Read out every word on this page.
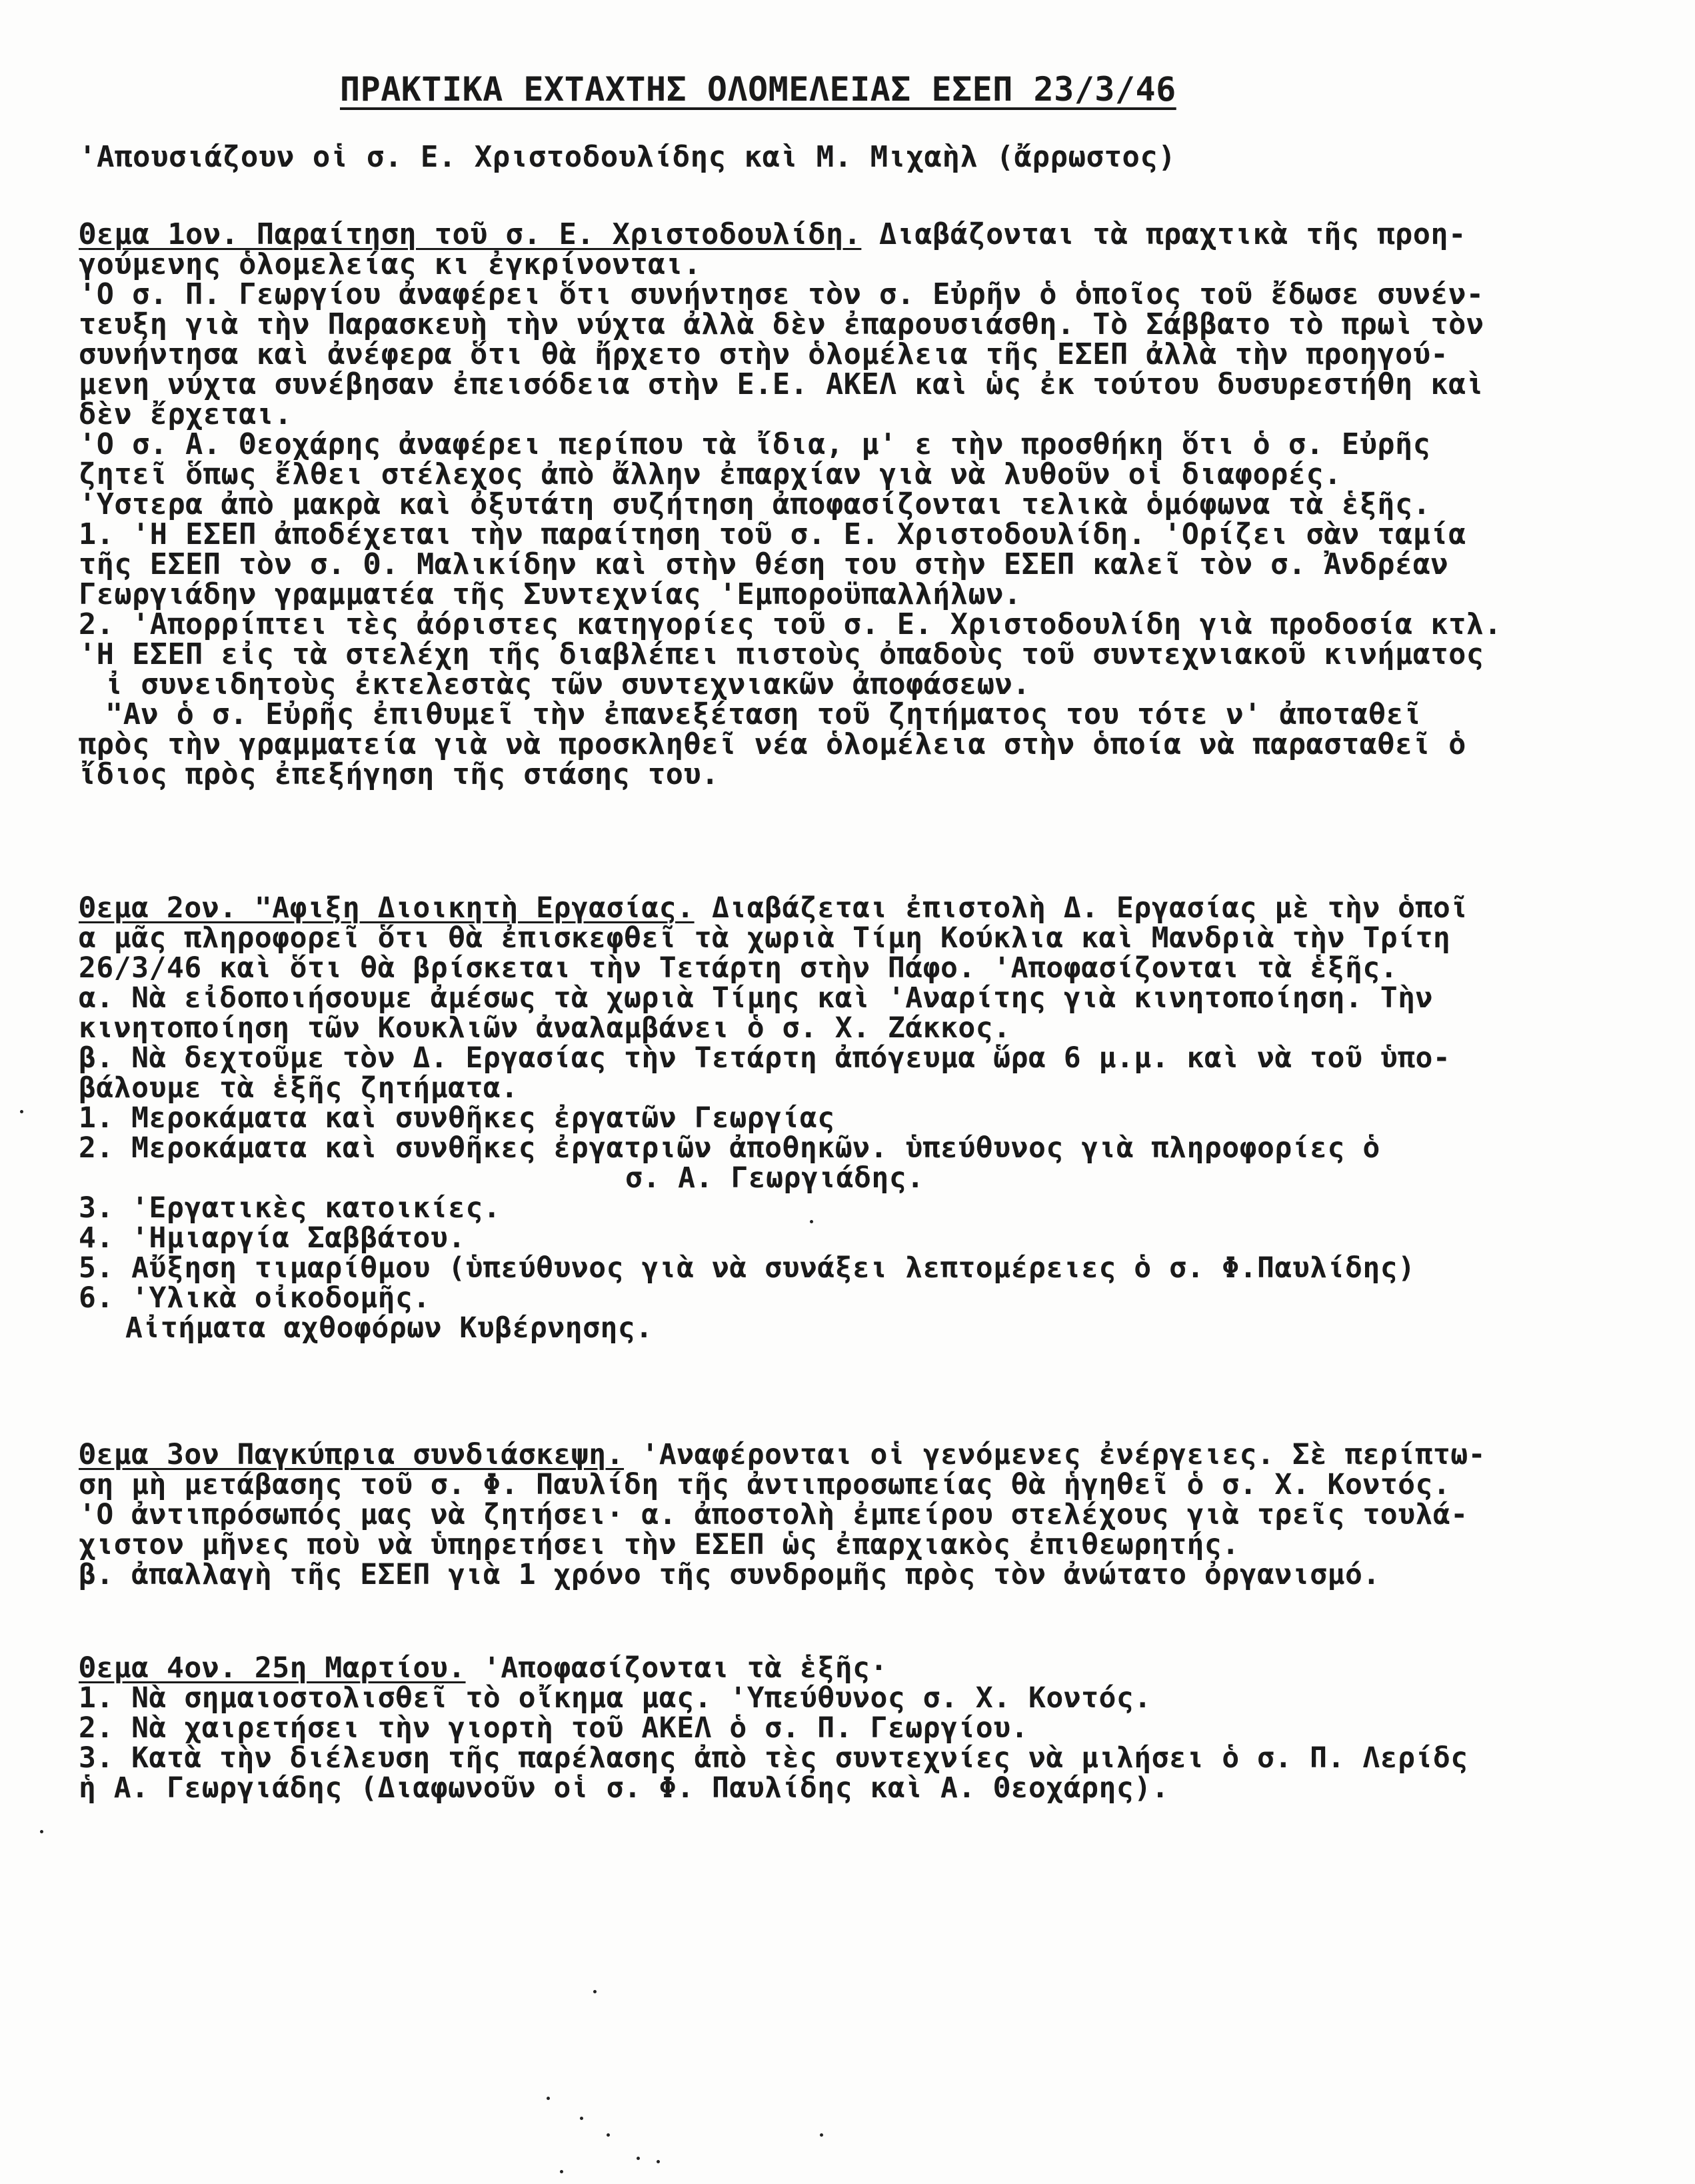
ΠΡΑΚΤΙΚΑ ΕΧΤΑΧΤΗΣ ΟΛΟΜΕΛΕΙΑΣ ΕΣΕΠ 23/3/46
'Απουσιάζουν οἱ σ. Ε. Χριστοδουλίδης καὶ Μ. Μιχαὴλ (ἄρρωστος)
Θεμα 1ον. Παραίτηση τοῦ σ. Ε. Χριστοδουλίδη. Διαβάζονται τὰ πραχτικὰ τῆς προη-
γούμενης ὁλομελείας κι ἐγκρίνονται.
'Ο σ. Π. Γεωργίου ἀναφέρει ὅτι συνήντησε τὸν σ. Εὐρῆν ὁ ὁποῖος τοῦ ἔδωσε συνέν-
τευξη γιὰ τὴν Παρασκευὴ τὴν νύχτα ἀλλὰ δὲν ἐπαρουσιάσθη. Τὸ Σάββατο τὸ πρωὶ τὸν
συνήντησα καὶ ἀνέφερα ὅτι θὰ ἤρχετο στὴν ὁλομέλεια τῆς ΕΣΕΠ ἀλλὰ τὴν προηγού-
μενη νύχτα συνέβησαν ἐπεισόδεια στὴν Ε.Ε. ΑΚΕΛ καὶ ὡς ἐκ τούτου δυσυρεστήθη καὶ
δὲν ἔρχεται.
'Ο σ. Α. Θεοχάρης ἀναφέρει περίπου τὰ ἴδια, μ' ε τὴν προσθήκη ὅτι ὁ σ. Εὐρῆς
ζητεῖ ὅπως ἔλθει στέλεχος ἀπὸ ἄλλην ἐπαρχίαν γιὰ νὰ λυθοῦν οἱ διαφορές.
'Υστερα ἀπὸ μακρὰ καὶ ὀξυτάτη συζήτηση ἀποφασίζονται τελικὰ ὁμόφωνα τὰ ἑξῆς.
1. 'Η ΕΣΕΠ ἀποδέχεται τὴν παραίτηση τοῦ σ. Ε. Χριστοδουλίδη. 'Ορίζει σὰν ταμία
τῆς ΕΣΕΠ τὸν σ. Θ. Μαλικίδην καὶ στὴν θέση του στὴν ΕΣΕΠ καλεῖ τὸν σ. Ἀνδρέαν
Γεωργιάδην γραμματέα τῆς Συντεχνίας 'Εμποροϋπαλλήλων.
2. 'Απορρίπτει τὲς ἀόριστες κατηγορίες τοῦ σ. Ε. Χριστοδουλίδη γιὰ προδοσία κτλ.
'Η ΕΣΕΠ εἰς τὰ στελέχη τῆς διαβλέπει πιστοὺς ὀπαδοὺς τοῦ συντεχνιακοῦ κινήματος
ἰ συνειδητοὺς ἐκτελεστὰς τῶν συντεχνιακῶν ἀποφάσεων.
"Αν ὁ σ. Εὐρῆς ἐπιθυμεῖ τὴν ἐπανεξέταση τοῦ ζητήματος του τότε ν' ἀποταθεῖ
πρὸς τὴν γραμματεία γιὰ νὰ προσκληθεῖ νέα ὁλομέλεια στὴν ὁποία νὰ παρασταθεῖ ὁ
ἴδιος πρὸς ἐπεξήγηση τῆς στάσης του.
Θεμα 2ον. "Αφιξη Διοικητὴ Εργασίας. Διαβάζεται ἐπιστολὴ Δ. Εργασίας μὲ τὴν ὁποῖ
α μᾶς πληροφορεῖ ὅτι θὰ ἐπισκεφθεῖ τὰ χωριὰ Τίμη Κούκλια καὶ Μανδριὰ τὴν Τρίτη
26/3/46 καὶ ὅτι θὰ βρίσκεται τὴν Τετάρτη στὴν Πάφο. 'Αποφασίζονται τὰ ἑξῆς.
α. Νὰ εἰδοποιήσουμε ἀμέσως τὰ χωριὰ Τίμης καὶ 'Αναρίτης γιὰ κινητοποίηση. Τὴν
κινητοποίηση τῶν Κουκλιῶν ἀναλαμβάνει ὁ σ. Χ. Ζάκκος.
β. Νὰ δεχτοῦμε τὸν Δ. Εργασίας τὴν Τετάρτη ἀπόγευμα ὥρα 6 μ.μ. καὶ νὰ τοῦ ὑπο-
βάλουμε τὰ ἑξῆς ζητήματα.
1. Μεροκάματα καὶ συνθῆκες ἐργατῶν Γεωργίας
2. Μεροκάματα καὶ συνθῆκες ἐργατριῶν ἀποθηκῶν. ὑπεύθυνος γιὰ πληροφορίες ὁ
σ. Α. Γεωργιάδης.
3. 'Εργατικὲς κατοικίες.
4. 'Ημιαργία Σαββάτου.
5. Αὔξηση τιμαρίθμου (ὑπεύθυνος γιὰ νὰ συνάξει λεπτομέρειες ὁ σ. Φ.Παυλίδης)
6. 'Υλικὰ οἰκοδομῆς.
Αἰτήματα αχθοφόρων Κυβέρνησης.
Θεμα 3ον Παγκύπρια συνδιάσκεψη. 'Αναφέρονται οἱ γενόμενες ἐνέργειες. Σὲ περίπτω-
ση μὴ μετάβασης τοῦ σ. Φ. Παυλίδη τῆς ἀντιπροσωπείας θὰ ἡγηθεῖ ὁ σ. Χ. Κοντός.
'Ο ἀντιπρόσωπός μας νὰ ζητήσει· α. ἀποστολὴ ἐμπείρου στελέχους γιὰ τρεῖς τουλά-
χιστον μῆνες ποὺ νὰ ὑπηρετήσει τὴν ΕΣΕΠ ὡς ἐπαρχιακὸς ἐπιθεωρητής.
β. ἀπαλλαγὴ τῆς ΕΣΕΠ γιὰ 1 χρόνο τῆς συνδρομῆς πρὸς τὸν ἀνώτατο ὀργανισμό.
Θεμα 4ον. 25η Μαρτίου. 'Αποφασίζονται τὰ ἑξῆς·
1. Νὰ σημαιοστολισθεῖ τὸ οἴκημα μας. 'Υπεύθυνος σ. Χ. Κοντός.
2. Νὰ χαιρετήσει τὴν γιορτὴ τοῦ ΑΚΕΛ ὁ σ. Π. Γεωργίου.
3. Κατὰ τὴν διέλευση τῆς παρέλασης ἀπὸ τὲς συντεχνίες νὰ μιλήσει ὁ σ. Π. Λερίδς
ἡ Α. Γεωργιάδης (Διαφωνοῦν οἱ σ. Φ. Παυλίδης καὶ Α. Θεοχάρης).
